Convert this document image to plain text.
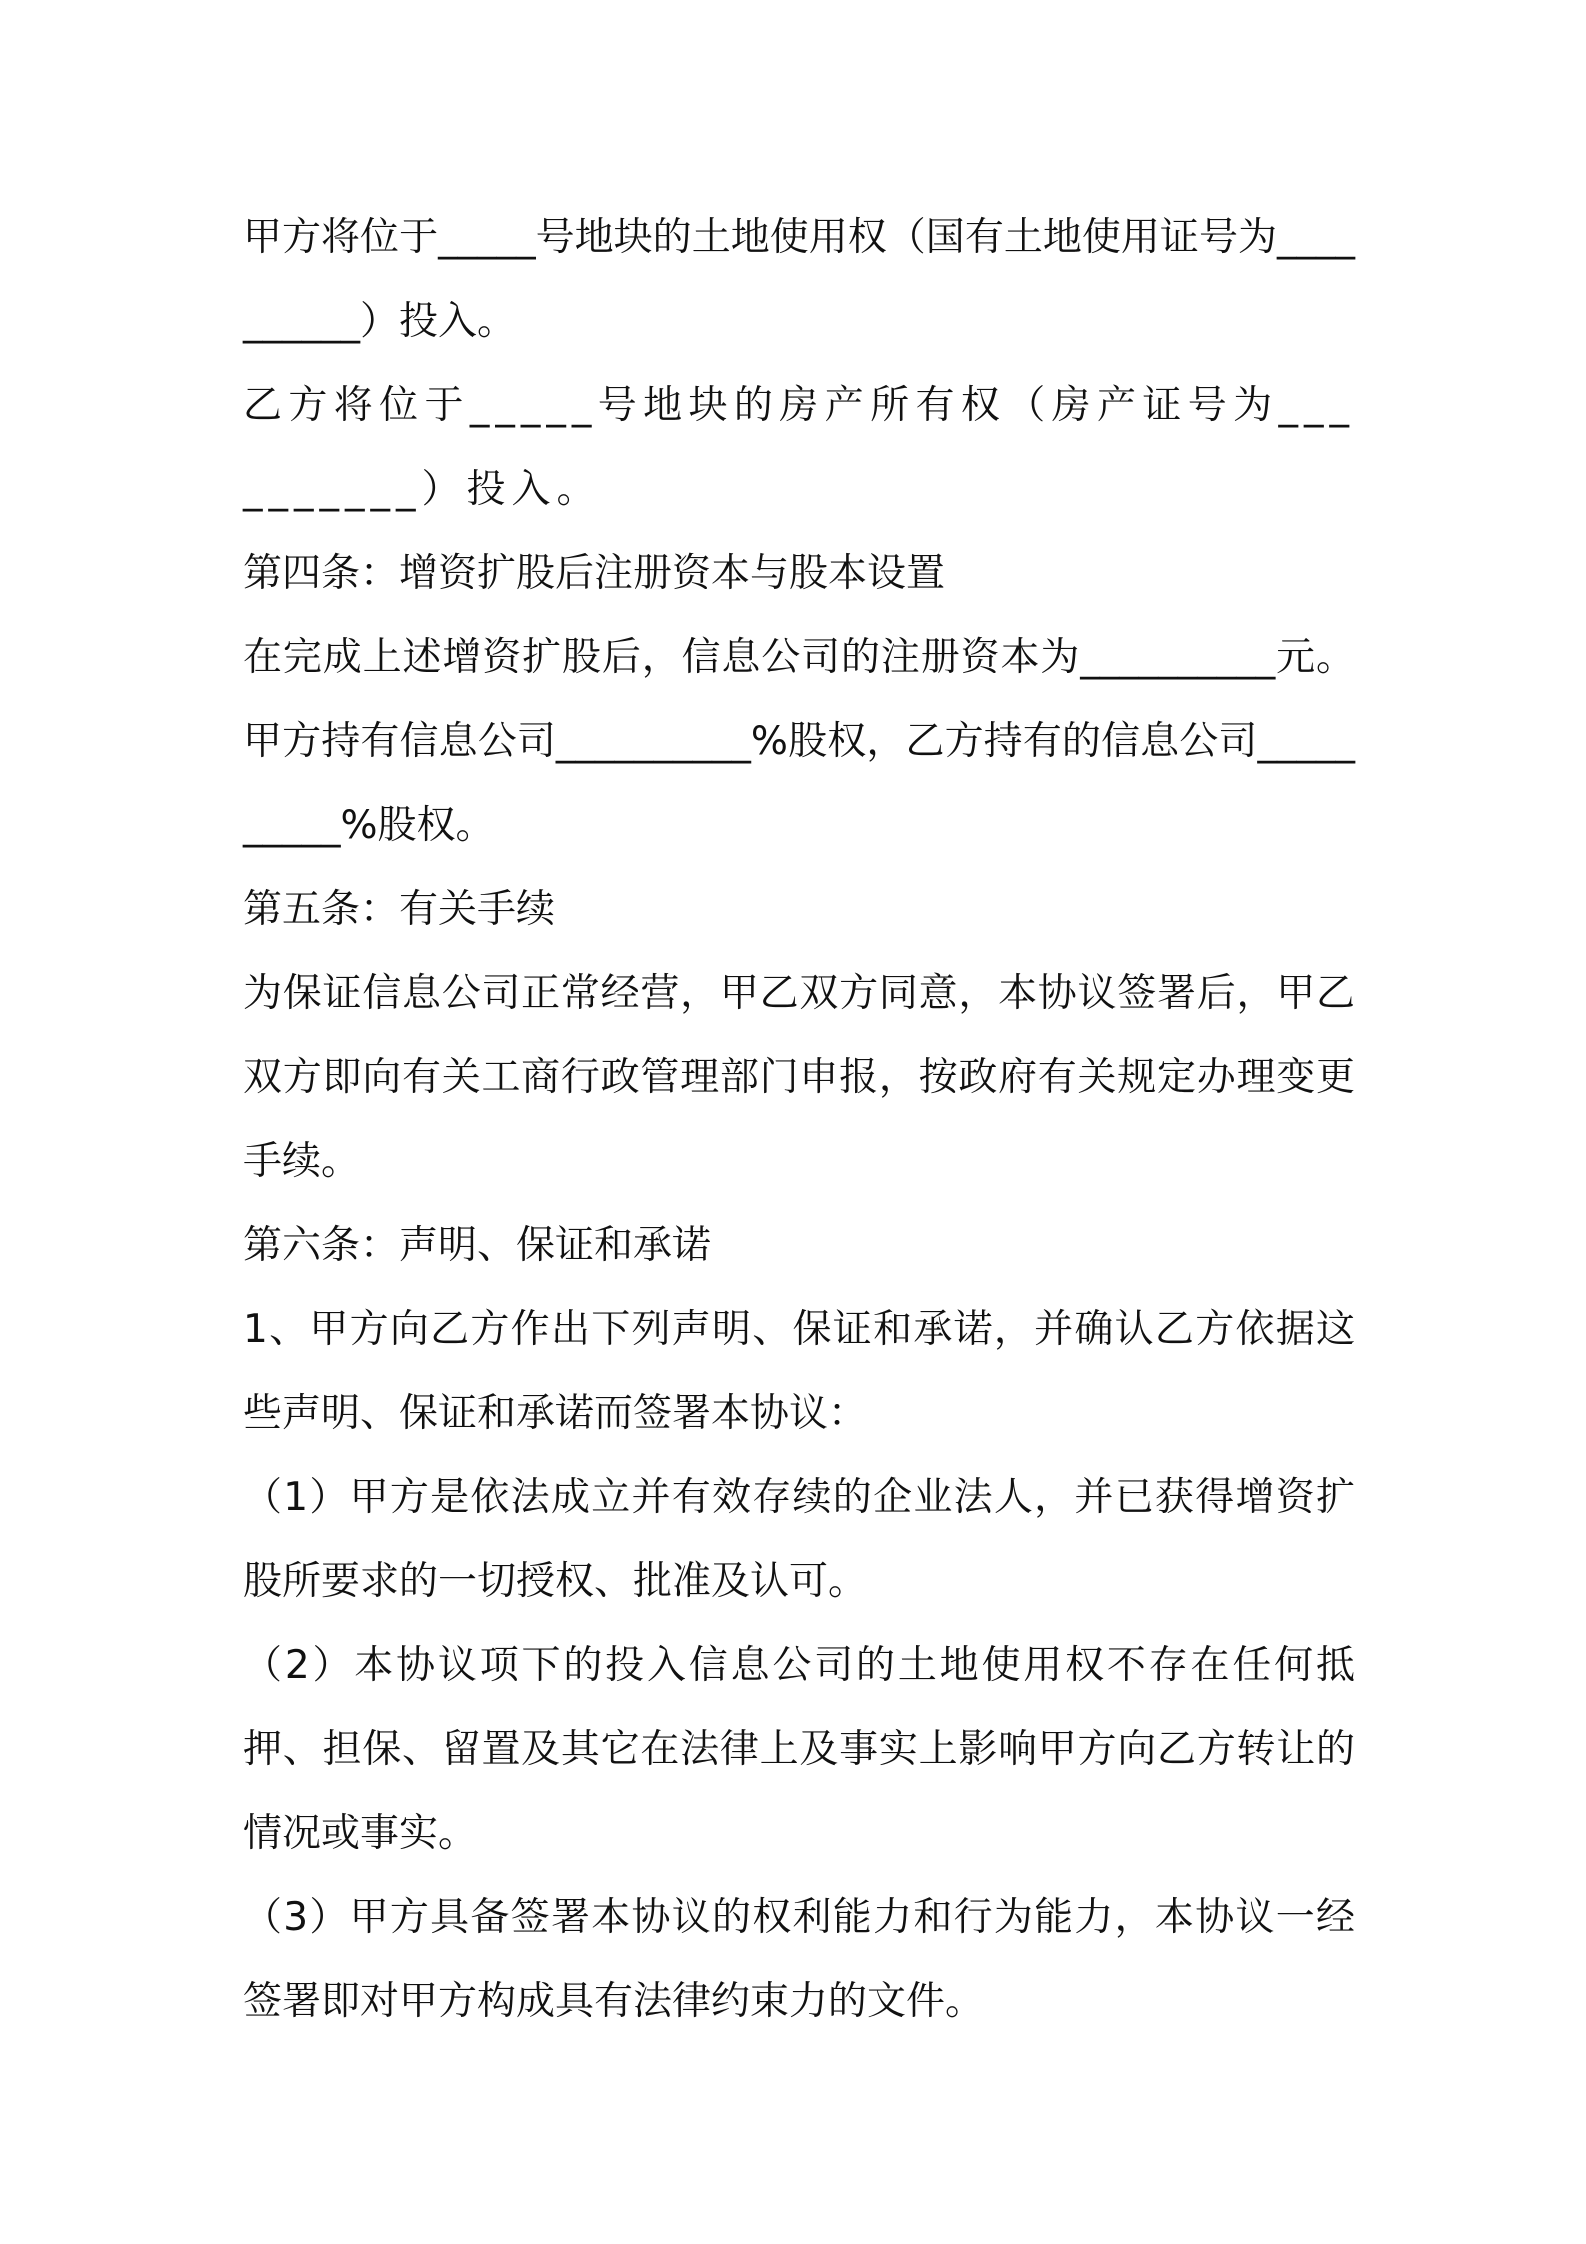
甲方将位于_____号地块的土地使用权（国有土地使用证号为__________）投入。

乙方将位于_____号地块的房产所有权（房产证号为__________）投入。

第四条：增资扩股后注册资本与股本设置

在完成上述增资扩股后，信息公司的注册资本为__________元。甲方持有信息公司__________%股权，乙方持有的信息公司__________%股权。

第五条：有关手续

为保证信息公司正常经营，甲乙双方同意，本协议签署后，甲乙双方即向有关工商行政管理部门申报，按政府有关规定办理变更手续。

第六条：声明、保证和承诺

1、甲方向乙方作出下列声明、保证和承诺，并确认乙方依据这些声明、保证和承诺而签署本协议：

（1）甲方是依法成立并有效存续的企业法人，并已获得增资扩股所要求的一切授权、批准及认可。

（2）本协议项下的投入信息公司的土地使用权不存在任何抵押、担保、留置及其它在法律上及事实上影响甲方向乙方转让的情况或事实。

（3）甲方具备签署本协议的权利能力和行为能力，本协议一经签署即对甲方构成具有法律约束力的文件。
